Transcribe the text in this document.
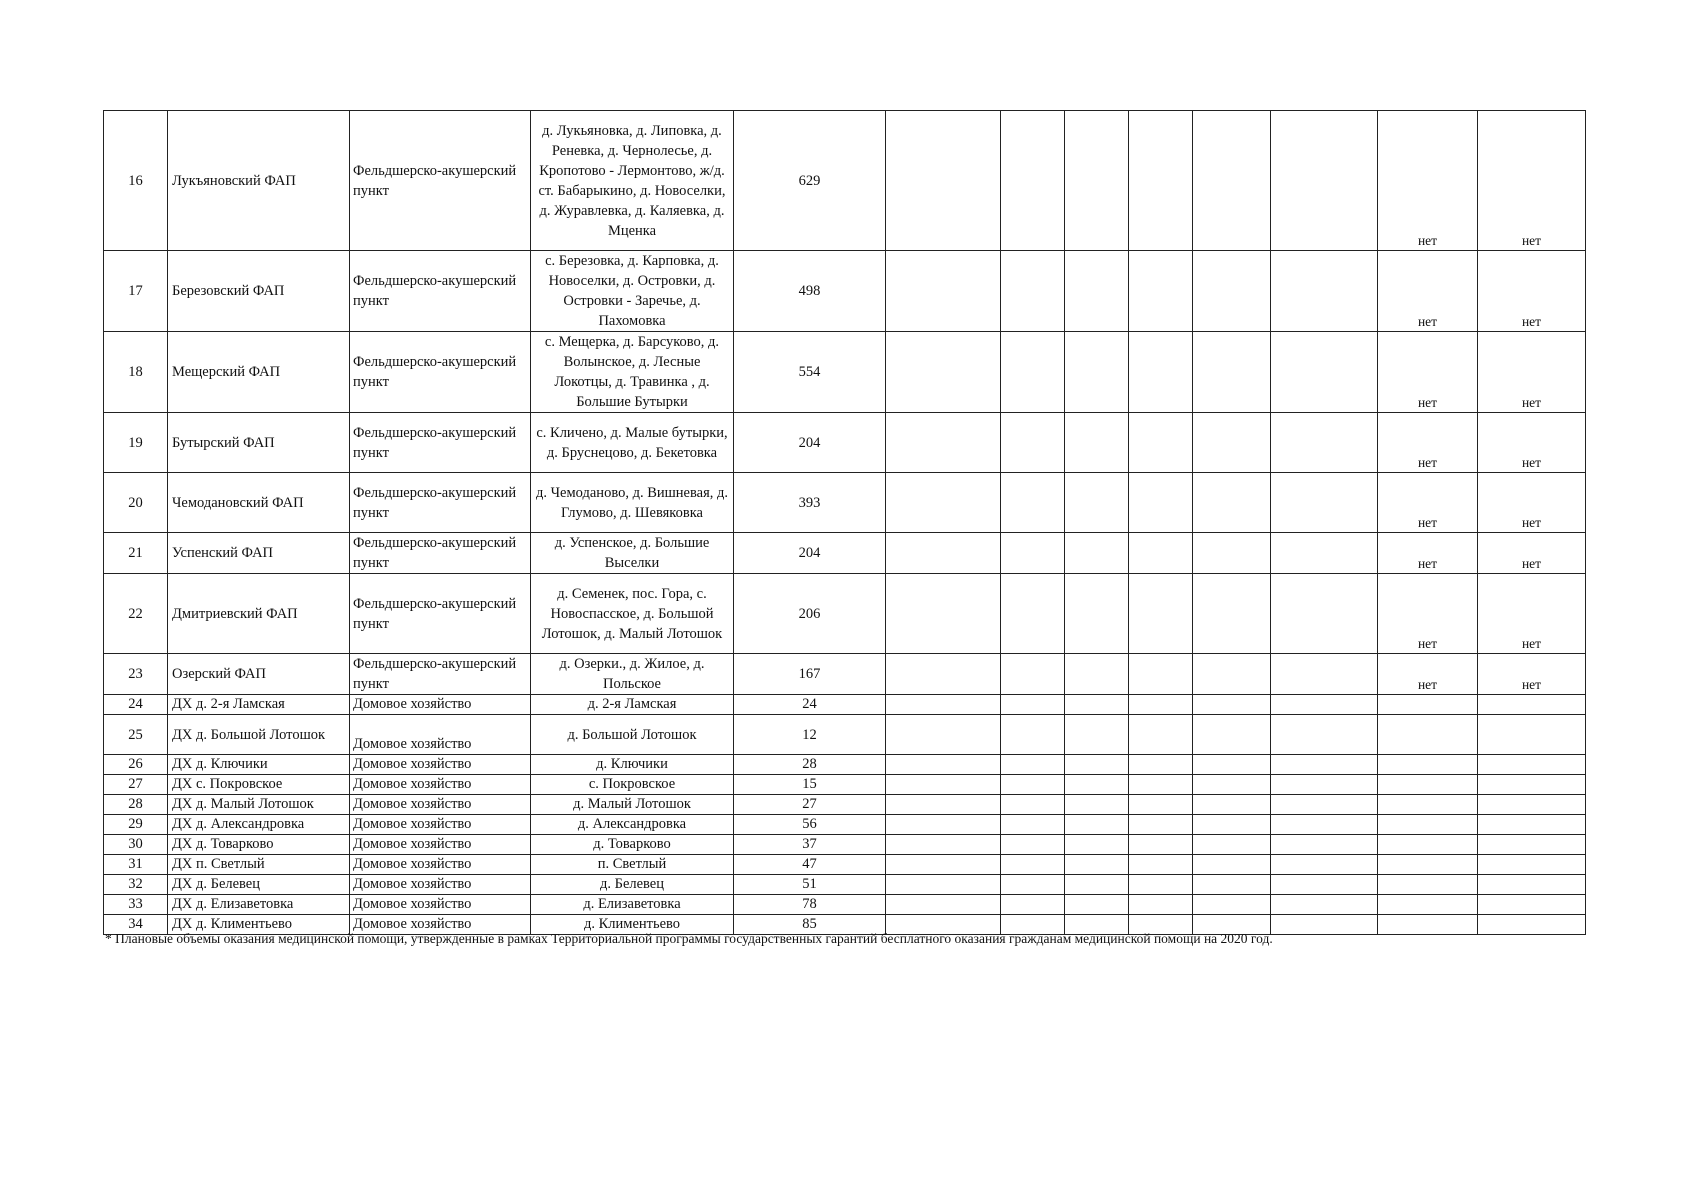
16	Лукъяновский ФАП	Фельдшерско-акушерский пункт	д. Лукьяновка, д. Липовка, д. Реневка, д. Чернолесье, д. Кропотово - Лермонтово, ж/д. ст. Бабарыкино, д. Новоселки, д. Журавлевка, д. Каляевка, д. Мценка	629							нет	нет
17	Березовский ФАП	Фельдшерско-акушерский пункт	с. Березовка, д. Карповка, д. Новоселки, д. Островки, д. Островки - Заречье, д. Пахомовка	498							нет	нет
18	Мещерский ФАП	Фельдшерско-акушерский пункт	с. Мещерка, д. Барсуково, д. Волынское, д. Лесные Локотцы, д. Травинка , д. Большие Бутырки	554							нет	нет
19	Бутырский ФАП	Фельдшерско-акушерский пункт	с. Кличено, д. Малые бутырки, д. Бруснецово, д. Бекетовка	204							нет	нет
20	Чемодановский ФАП	Фельдшерско-акушерский пункт	д. Чемоданово, д. Вишневая, д. Глумово, д. Шевяковка	393							нет	нет
21	Успенский ФАП	Фельдшерско-акушерский пункт	д. Успенское, д. Большие Выселки	204							нет	нет
22	Дмитриевский ФАП	Фельдшерско-акушерский пункт	д. Семенек, пос. Гора, с. Новоспасское, д. Большой Лотошок, д. Малый Лотошок	206							нет	нет
23	Озерский ФАП	Фельдшерско-акушерский пункт	д. Озерки., д. Жилое, д. Польское	167							нет	нет
24	ДХ д. 2-я Ламская	Домовое хозяйство	д. 2-я Ламская	24								
25	ДХ д. Большой Лотошок	Домовое хозяйство	д. Большой Лотошок	12								
26	ДХ д. Ключики	Домовое хозяйство	д. Ключики	28								
27	ДХ с. Покровское	Домовое хозяйство	с. Покровское	15								
28	ДХ д. Малый Лотошок	Домовое хозяйство	д. Малый Лотошок	27								
29	ДХ д. Александровка	Домовое хозяйство	д. Александровка	56								
30	ДХ д. Товарково	Домовое хозяйство	д. Товарково	37								
31	ДХ п. Светлый	Домовое хозяйство	п. Светлый	47								
32	ДХ д. Белевец	Домовое хозяйство	д. Белевец	51								
33	ДХ д. Елизаветовка	Домовое хозяйство	д. Елизаветовка	78								
34	ДХ д. Климентьево	Домовое хозяйство	д. Климентьево	85								
* Плановые объемы оказания медицинской помощи, утвержденные в рамках Территориальной программы государственных гарантий бесплатного оказания гражданам медицинской помощи на 2020 год.
